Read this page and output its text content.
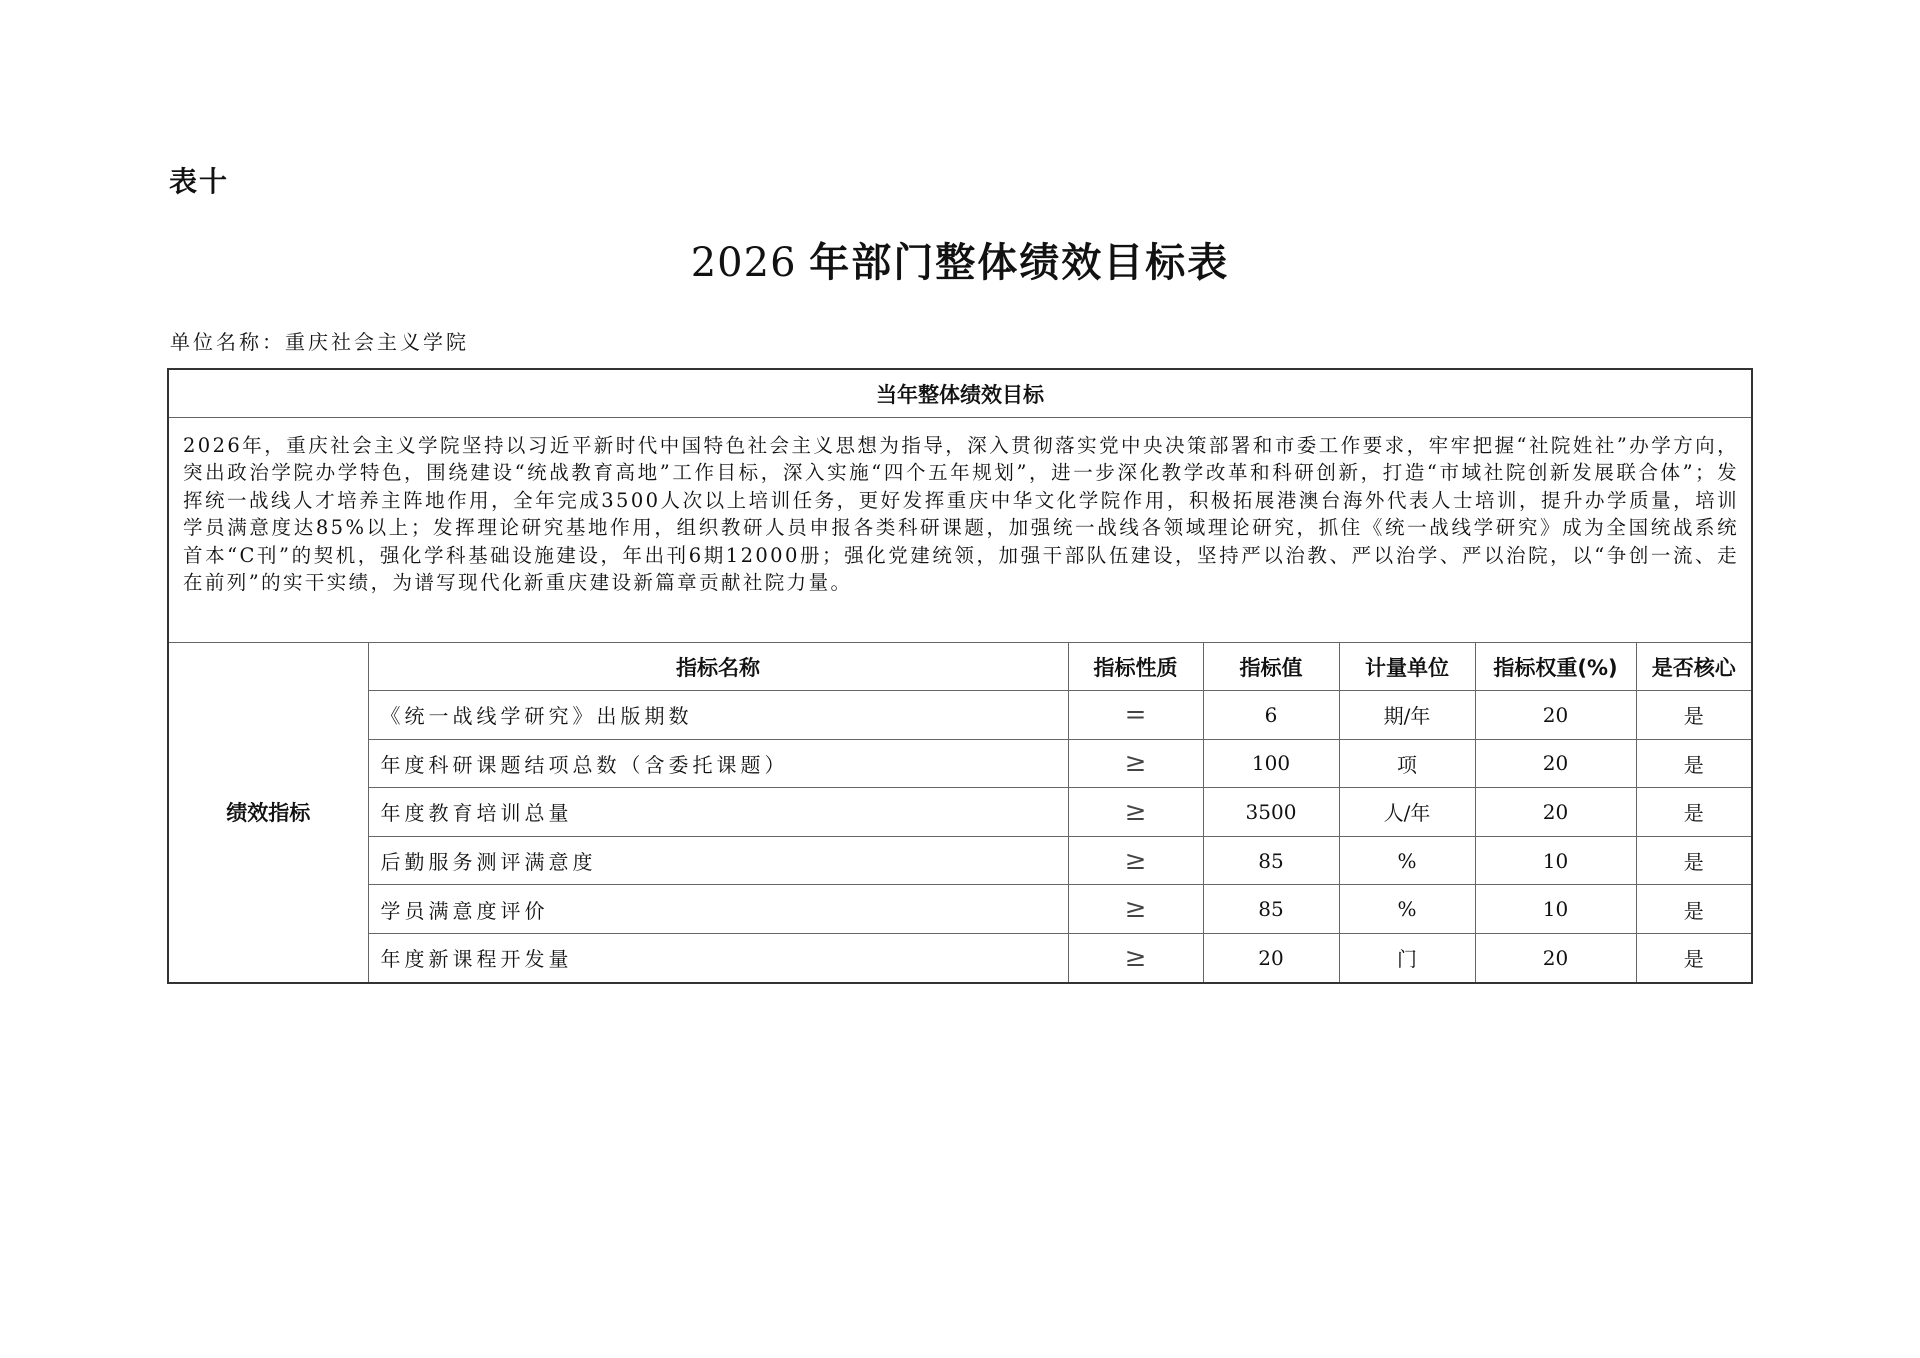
表十
2026 年部门整体绩效目标表
单位名称：重庆社会主义学院
当年整体绩效目标						
2026年，重庆社会主义学院坚持以习近平新时代中国特色社会主义思想为指导，深入贯彻落实党中央决策部署和市委工作要求，牢牢把握“社院姓社”办学方向，突出政治学院办学特色，围绕建设“统战教育高地”工作目标，深入实施“四个五年规划”，进一步深化教学改革和科研创新，打造“市域社院创新发展联合体”；发挥统一战线人才培养主阵地作用，全年完成3500人次以上培训任务，更好发挥重庆中华文化学院作用，积极拓展港澳台海外代表人士培训，提升办学质量，培训学员满意度达85%以上；发挥理论研究基地作用，组织教研人员申报各类科研课题，加强统一战线各领域理论研究，抓住《统一战线学研究》成为全国统战系统首本“C刊”的契机，强化学科基础设施建设，年出刊6期12000册；强化党建统领，加强干部队伍建设，坚持严以治教、严以治学、严以治院，以“争创一流、走在前列”的实干实绩，为谱写现代化新重庆建设新篇章贡献社院力量。						
绩效指标	指标名称	指标性质	指标值	计量单位	指标权重(%)	是否核心
	《统一战线学研究》出版期数	=	6	期/年	20	是
	年度科研课题结项总数（含委托课题）	≥	100	项	20	是
	年度教育培训总量	≥	3500	人/年	20	是
	后勤服务测评满意度	≥	85	%	10	是
	学员满意度评价	≥	85	%	10	是
	年度新课程开发量	≥	20	门	20	是
